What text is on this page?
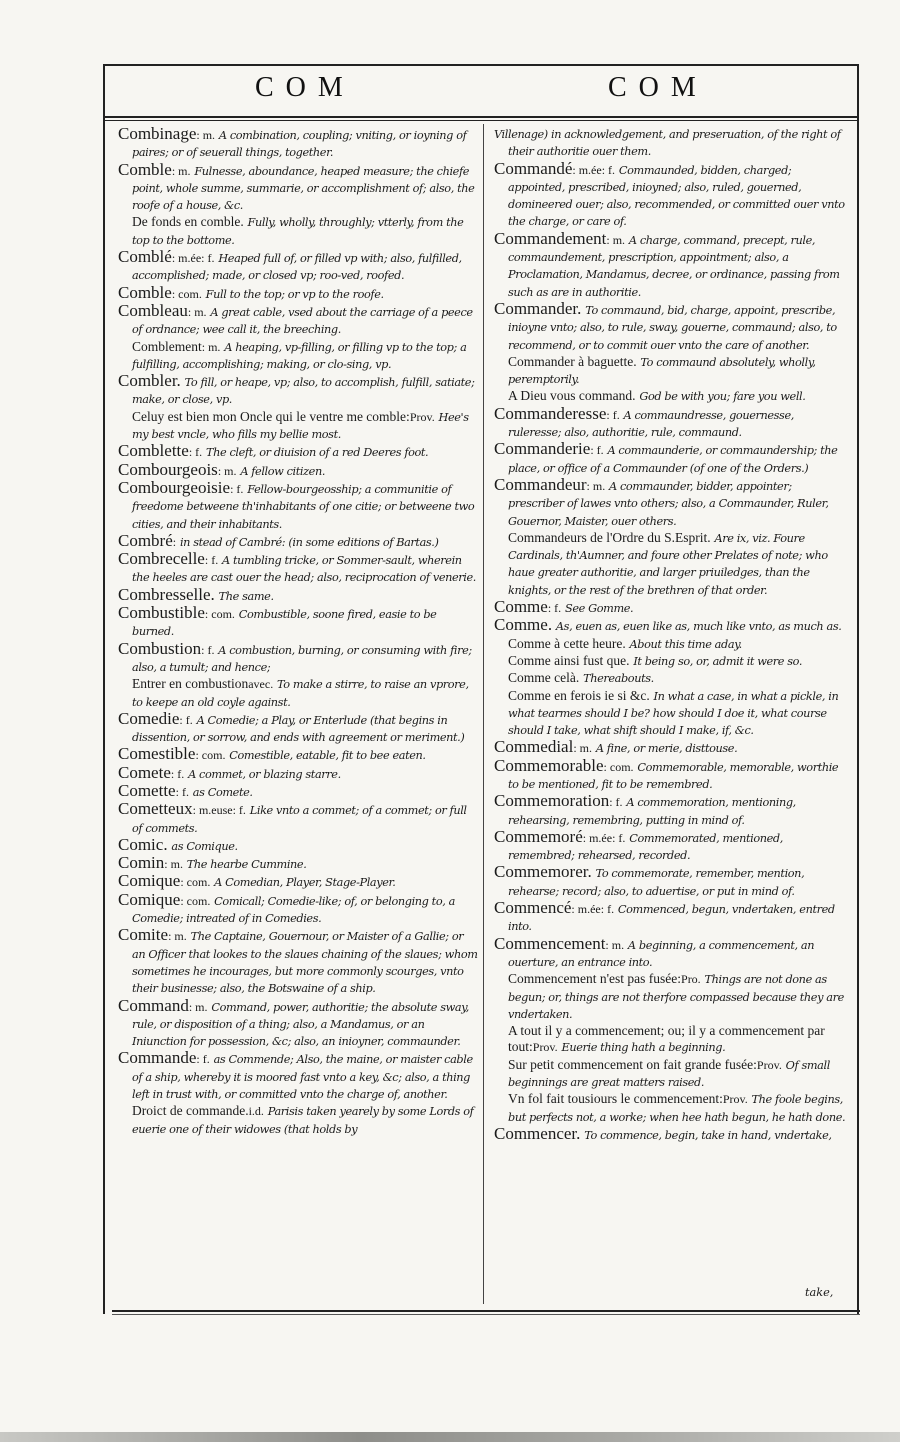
COM	COM

Combinage: m. A combination, coupling; vniting, or ioyning of paires; or of seuerall things, together.

Comble: m. Fulnesse, aboundance, heaped measure; the chiefe point, whole summe, summarie, or accomplishment of; also, the roofe of a house, &c.

De fonds en comble. Fully, wholly, throughly; vtterly, from the top to the bottome.

Comblé: m.ée: f. Heaped full of, or filled vp with; also, fulfilled, accomplished; made, or closed vp; roo-ved, roofed.

Comble: com. Full to the top; or vp to the roofe.

Combleau: m. A great cable, vsed about the carriage of a peece of ordnance; wee call it, the breeching.

Comblement: m. A heaping, vp-filling, or filling vp to the top; a fulfilling, accomplishing; making, or clo-sing, vp.

Combler. To fill, or heape, vp; also, to accomplish, fulfill, satiate; make, or close, vp.

Celuy est bien mon Oncle qui le ventre me comble:Prov. Hee's my best vncle, who fills my bellie most.

Comblette: f. The cleft, or diuision of a red Deeres foot.

Combourgeois: m. A fellow citizen.

Combourgeoisie: f. Fellow-bourgeosship; a communitie of freedome betweene th'inhabitants of one citie; or betweene two cities, and their inhabitants.

Combré: in stead of Cambré: (in some editions of Bartas.)

Combrecelle: f. A tumbling tricke, or Sommer-sault, wherein the heeles are cast ouer the head; also, reciprocation of venerie.

Combresselle. The same.

Combustible: com. Combustible, soone fired, easie to be burned.

Combustion: f. A combustion, burning, or consuming with fire; also, a tumult; and hence;

Entrer en combustionavec. To make a stirre, to raise an vprore, to keepe an old coyle against.

Comedie: f. A Comedie; a Play, or Enterlude (that begins in dissention, or sorrow, and ends with agreement or meriment.)

Comestible: com. Comestible, eatable, fit to bee eaten.

Comete: f. A commet, or blazing starre.

Comette: f. as Comete.

Cometteux: m.euse: f. Like vnto a commet; of a commet; or full of commets.

Comic. as Comique.

Comin: m. The hearbe Cummine.

Comique: com. A Comedian, Player, Stage-Player.

Comique: com. Comicall; Comedie-like; of, or belonging to, a Comedie; intreated of in Comedies.

Comite: m. The Captaine, Gouernour, or Maister of a Gallie; or an Officer that lookes to the slaues chaining of the slaues; whom sometimes he incourages, but more commonly scourges, vnto their businesse; also, the Botswaine of a ship.

Command: m. Command, power, authoritie; the absolute sway, rule, or disposition of a thing; also, a Mandamus, or an Iniunction for possession, &c; also, an inioyner, commaunder.

Commande: f. as Commende; Also, the maine, or maister cable of a ship, whereby it is moored fast vnto a key, &c; also, a thing left in trust with, or committed vnto the charge of, another.

Droict de commande.i.d. Parisis taken yearely by some Lords of euerie one of their widowes (that holds by

Villenage) in acknowledgement, and preseruation, of the right of their authoritie ouer them.

Commandé: m.ée: f. Commaunded, bidden, charged; appointed, prescribed, inioyned; also, ruled, gouerned, domineered ouer; also, recommended, or committed ouer vnto the charge, or care of.

Commandement: m. A charge, command, precept, rule, commaundement, prescription, appointment; also, a Proclamation, Mandamus, decree, or ordinance, passing from such as are in authoritie.

Commander. To commaund, bid, charge, appoint, prescribe, inioyne vnto; also, to rule, sway, gouerne, commaund; also, to recommend, or to commit ouer vnto the care of another.

Commander à baguette. To commaund absolutely, wholly, peremptorily.

A Dieu vous command. God be with you; fare you well.

Commanderesse: f. A commaundresse, gouernesse, ruleresse; also, authoritie, rule, commaund.

Commanderie: f. A commaunderie, or commaundership; the place, or office of a Commaunder (of one of the Orders.)

Commandeur: m. A commaunder, bidder, appointer; prescriber of lawes vnto others; also, a Commaunder, Ruler, Gouernor, Maister, ouer others.

Commandeurs de l'Ordre du S.Esprit. Are ix, viz. Foure Cardinals, th'Aumner, and foure other Prelates of note; who haue greater authoritie, and larger priuiledges, than the knights, or the rest of the brethren of that order.

Comme: f. See Gomme.

Comme. As, euen as, euen like as, much like vnto, as much as.

Comme à cette heure. About this time aday.

Comme ainsi fust que. It being so, or, admit it were so.

Comme celà. Thereabouts.

Comme en ferois ie si &c. In what a case, in what a pickle, in what tearmes should I be? how should I doe it, what course should I take, what shift should I make, if, &c.

Commedial: m. A fine, or merie, disttouse.

Commemorable: com. Commemorable, memorable, worthie to be mentioned, fit to be remembred.

Commemoration: f. A commemoration, mentioning, rehearsing, remembring, putting in mind of.

Commemoré: m.ée: f. Commemorated, mentioned, remembred; rehearsed, recorded.

Commemorer. To commemorate, remember, mention, rehearse; record; also, to aduertise, or put in mind of.

Commencé: m.ée: f. Commenced, begun, vndertaken, entred into.

Commencement: m. A beginning, a commencement, an ouerture, an entrance into.

Commencement n'est pas fusée:Pro. Things are not done as begun; or, things are not therfore compassed because they are vndertaken.

A tout il y a commencement; ou; il y a commencement par tout:Prov. Euerie thing hath a beginning.

Sur petit commencement on fait grande fusée:Prov. Of small beginnings are great matters raised.

Vn fol fait tousiours le commencement:Prov. The foole begins, but perfects not, a worke; when hee hath begun, he hath done.

Commencer. To commence, begin, take in hand, vndertake,

take,
